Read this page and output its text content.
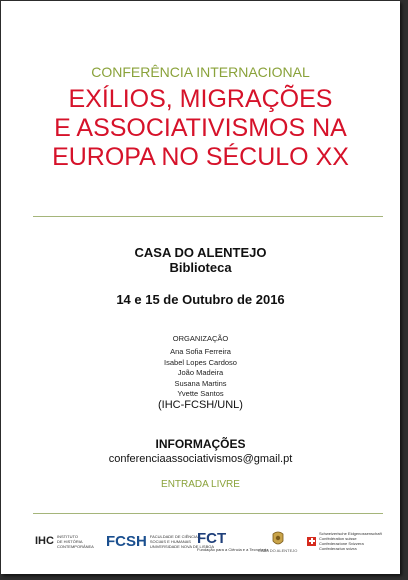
CONFERÊNCIA INTERNACIONAL
EXÍLIOS, MIGRAÇÕES
E ASSOCIATIVISMOS NA
EUROPA NO SÉCULO XX
CASA DO ALENTEJO
Biblioteca
14 e 15 de Outubro de 2016
ORGANIZAÇÃO
Ana Sofia Ferreira
Isabel Lopes Cardoso
João Madeira
Susana Martins
Yvette Santos
(IHC-FCSH/UNL)
INFORMAÇÕES
conferenciaassociativismos@gmail.pt
ENTRADA LIVRE
IHC INSTITUTO
DE HISTÓRIA
CONTEMPORÂNEA FCSH FACULDADE DE CIÊNCIAS
SOCIAIS E HUMANAS
UNIVERSIDADE NOVA DE LISBOA
FCT
Fundação para a Ciência e a Tecnologia
CASA DO ALENTEJO
Schweizerische Eidgenossenschaft
Confédération suisse
Confederazione Svizzera
Confederaziun svizra
